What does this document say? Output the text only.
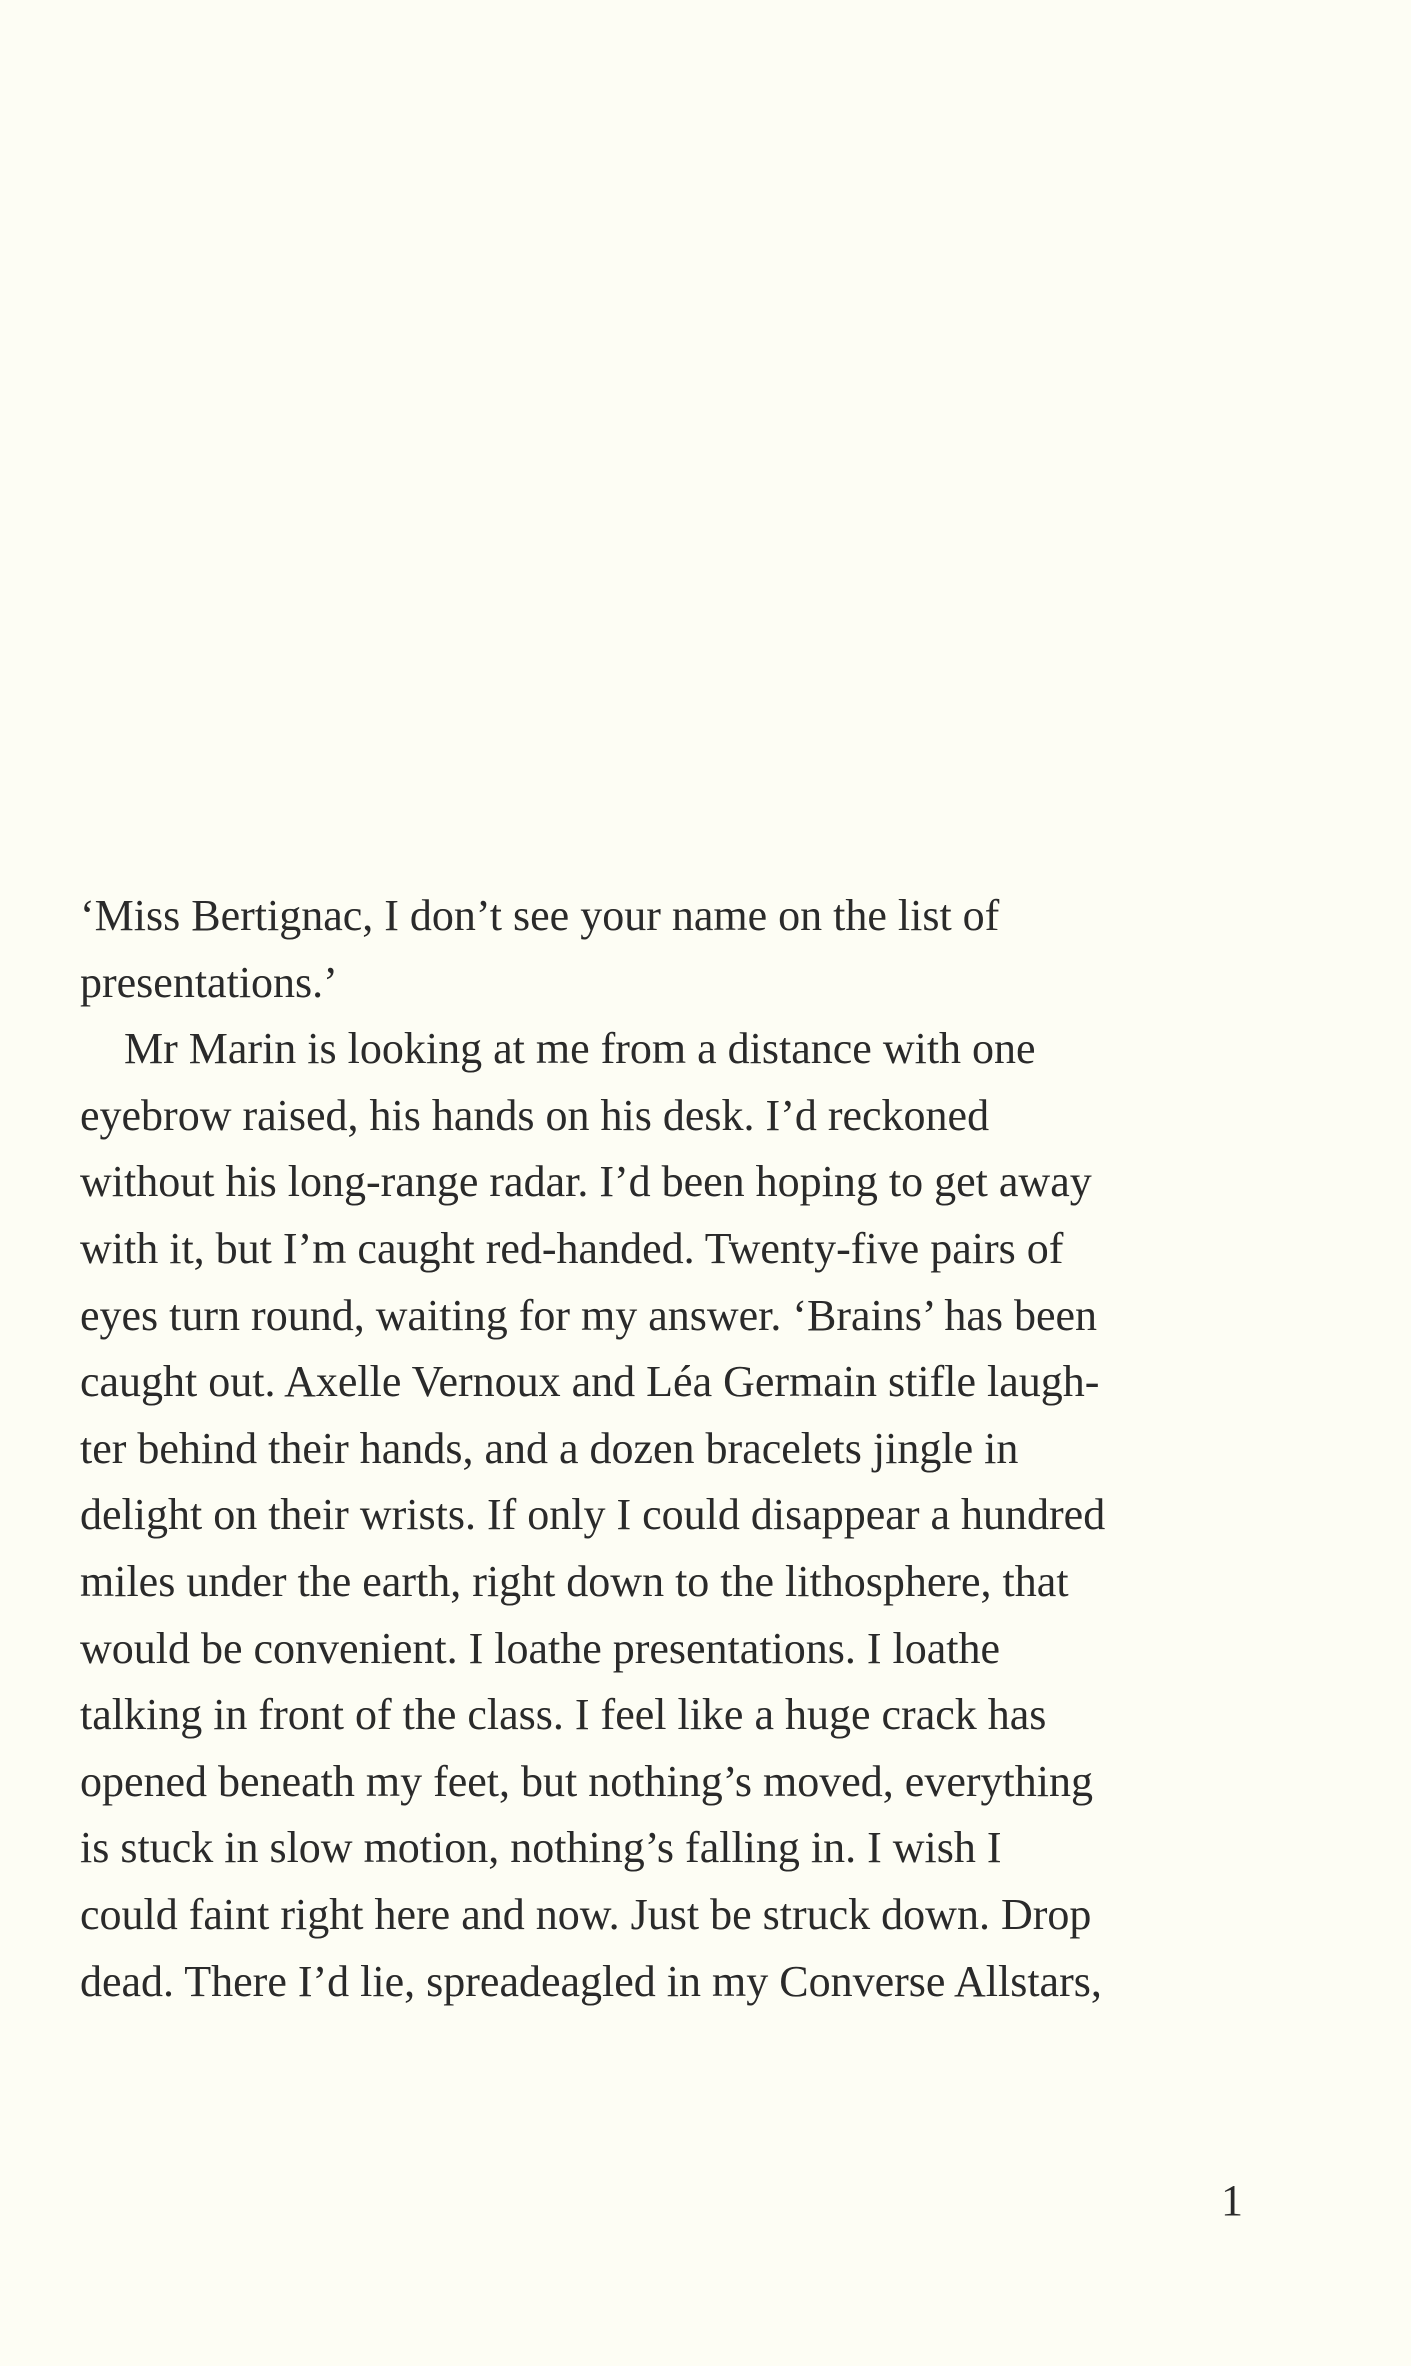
‘Miss Bertignac, I don’t see your name on the list of
presentations.’
Mr Marin is looking at me from a distance with one
eyebrow raised, his hands on his desk. I’d reckoned
without his long-range radar. I’d been hoping to get away
with it, but I’m caught red-handed. Twenty-five pairs of
eyes turn round, waiting for my answer. ‘Brains’ has been
caught out. Axelle Vernoux and Léa Germain stifle laugh-
ter behind their hands, and a dozen bracelets jingle in
delight on their wrists. If only I could disappear a hundred
miles under the earth, right down to the lithosphere, that
would be convenient. I loathe presentations. I loathe
talking in front of the class. I feel like a huge crack has
opened beneath my feet, but nothing’s moved, everything
is stuck in slow motion, nothing’s falling in. I wish I
could faint right here and now. Just be struck down. Drop
dead. There I’d lie, spreadeagled in my Converse Allstars,
1
